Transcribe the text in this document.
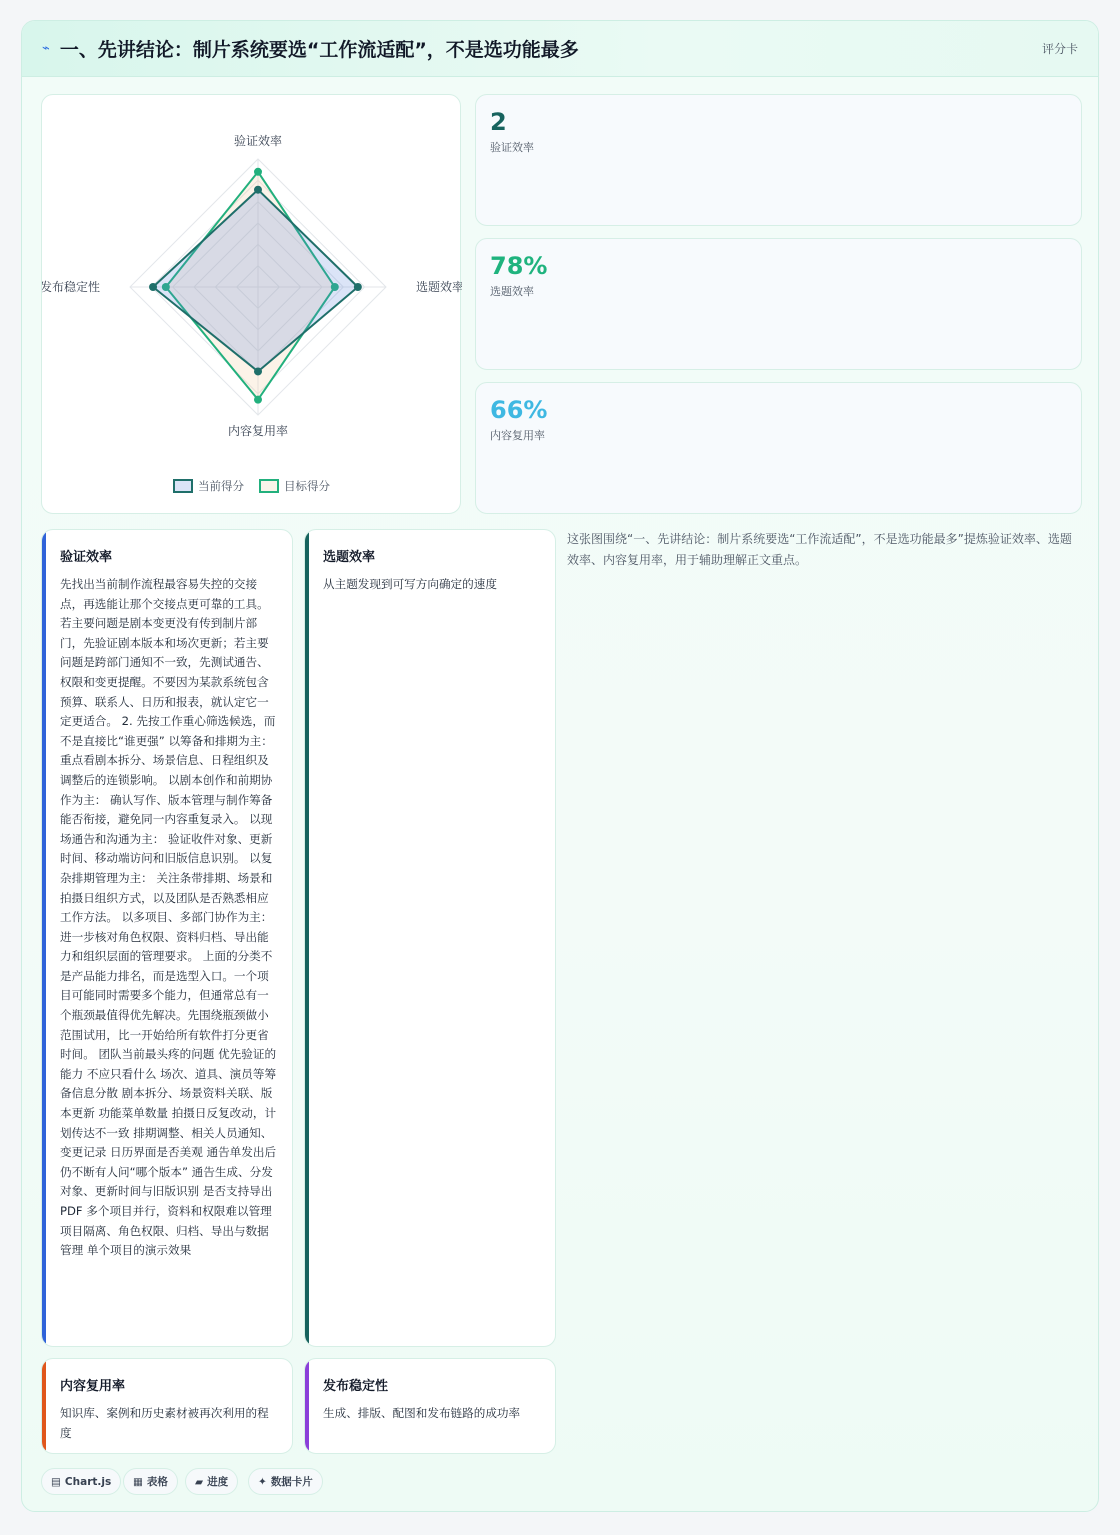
⌁ 一、先讲结论：制片系统要选“工作流适配”，不是选功能最多	评分卡
验证效率
选题效率
内容复用率
发布稳定性
当前得分	目标得分
2
验证效率
78%
选题效率
66%
内容复用率
验证效率
先找出当前制作流程最容易失控的交接点，再选能让那个交接点更可靠的工具。 若主要问题是剧本变更没有传到制片部门，先验证剧本版本和场次更新；若主要问题是跨部门通知不一致，先测试通告、权限和变更提醒。不要因为某款系统包含预算、联系人、日历和报表，就认定它一定更适合。 2. 先按工作重心筛选候选，而不是直接比“谁更强” 以筹备和排期为主： 重点看剧本拆分、场景信息、日程组织及调整后的连锁影响。 以剧本创作和前期协作为主： 确认写作、版本管理与制作筹备能否衔接，避免同一内容重复录入。 以现场通告和沟通为主： 验证收件对象、更新时间、移动端访问和旧版信息识别。 以复杂排期管理为主： 关注条带排期、场景和拍摄日组织方式，以及团队是否熟悉相应工作方法。 以多项目、多部门协作为主： 进一步核对角色权限、资料归档、导出能力和组织层面的管理要求。 上面的分类不是产品能力排名，而是选型入口。一个项目可能同时需要多个能力，但通常总有一个瓶颈最值得优先解决。先围绕瓶颈做小范围试用，比一开始给所有软件打分更省时间。 团队当前最头疼的问题 优先验证的能力 不应只看什么 场次、道具、演员等筹备信息分散 剧本拆分、场景资料关联、版本更新 功能菜单数量 拍摄日反复改动，计划传达不一致 排期调整、相关人员通知、变更记录 日历界面是否美观 通告单发出后仍不断有人问“哪个版本” 通告生成、分发对象、更新时间与旧版识别 是否支持导出 PDF 多个项目并行，资料和权限难以管理 项目隔离、角色权限、归档、导出与数据管理 单个项目的演示效果
选题效率
从主题发现到可写方向确定的速度
内容复用率
知识库、案例和历史素材被再次利用的程度
发布稳定性
生成、排版、配图和发布链路的成功率
这张图围绕“一、先讲结论：制片系统要选“工作流适配”，不是选功能最多”提炼验证效率、选题效率、内容复用率，用于辅助理解正文重点。
▤ Chart.js ▦ 表格	▰ 进度	✦ 数据卡片
